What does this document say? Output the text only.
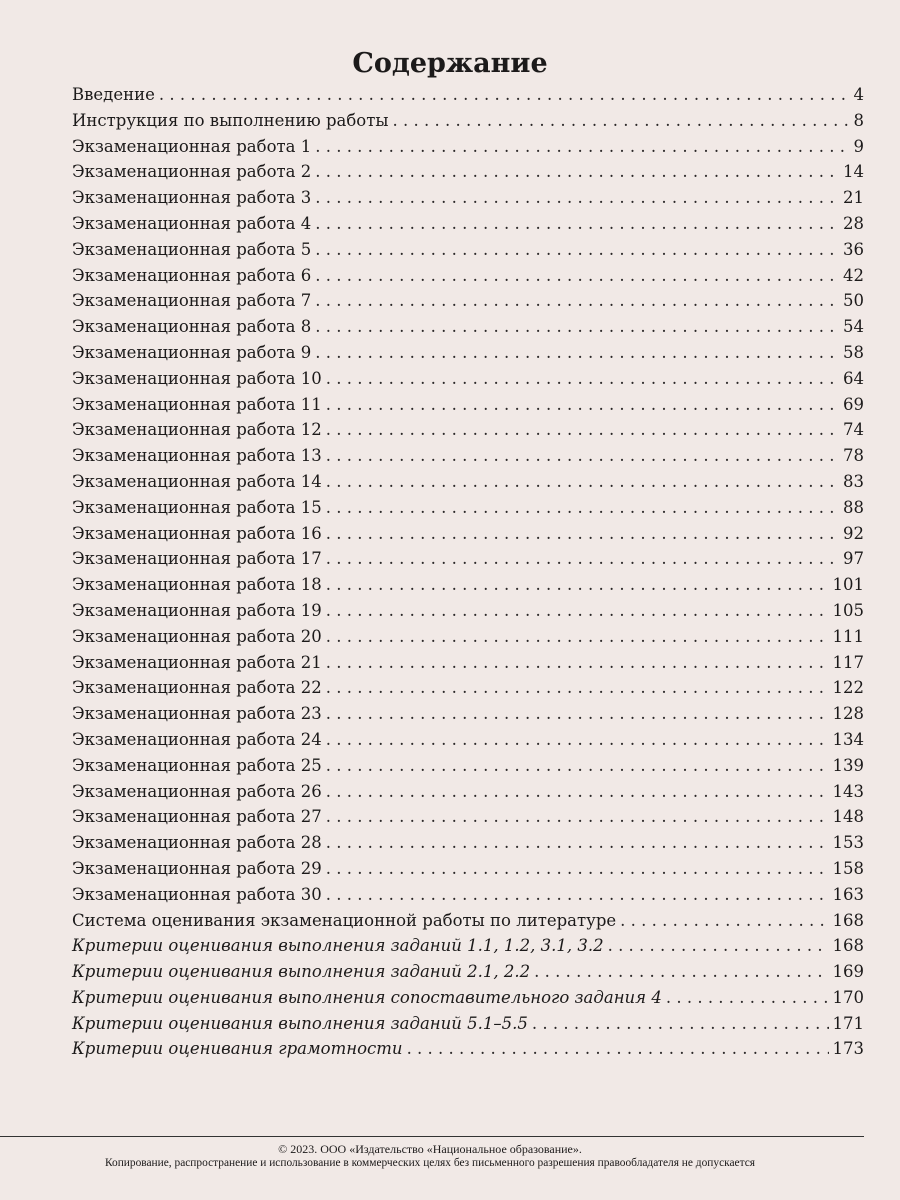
Содержание
Введение . . .	4
Инструкция по выполнению работы . . .	8
Экзаменационная работа 1 . . .	9
Экзаменационная работа 2 . . .	14
Экзаменационная работа 3 . . .	21
Экзаменационная работа 4 . . .	28
Экзаменационная работа 5 . . .	36
Экзаменационная работа 6 . . .	42
Экзаменационная работа 7 . . .	50
Экзаменационная работа 8 . . .	54
Экзаменационная работа 9 . . .	58
Экзаменационная работа 10 . . .	64
Экзаменационная работа 11 . . .	69
Экзаменационная работа 12 . . .	74
Экзаменационная работа 13 . . .	78
Экзаменационная работа 14 . . .	83
Экзаменационная работа 15 . . .	88
Экзаменационная работа 16 . . .	92
Экзаменационная работа 17 . . .	97
Экзаменационная работа 18 . . .	101
Экзаменационная работа 19 . . .	105
Экзаменационная работа 20 . . .	111
Экзаменационная работа 21 . . .	117
Экзаменационная работа 22 . . .	122
Экзаменационная работа 23 . . .	128
Экзаменационная работа 24 . . .	134
Экзаменационная работа 25 . . .	139
Экзаменационная работа 26 . . .	143
Экзаменационная работа 27 . . .	148
Экзаменационная работа 28 . . .	153
Экзаменационная работа 29 . . .	158
Экзаменационная работа 30 . . .	163
Система оценивания экзаменационной работы по литературе . . .	168
Критерии оценивания выполнения заданий 1.1, 1.2, 3.1, 3.2 . . .	168
Критерии оценивания выполнения заданий 2.1, 2.2 . . .	169
Критерии оценивания выполнения сопоставительного задания 4 . . .	170
Критерии оценивания выполнения заданий 5.1–5.5 . . .	171
Критерии оценивания грамотности . . .	173
© 2023. ООО «Издательство «Национальное образование».
Копирование, распространение и использование в коммерческих целях без письменного разрешения правообладателя не допускается
